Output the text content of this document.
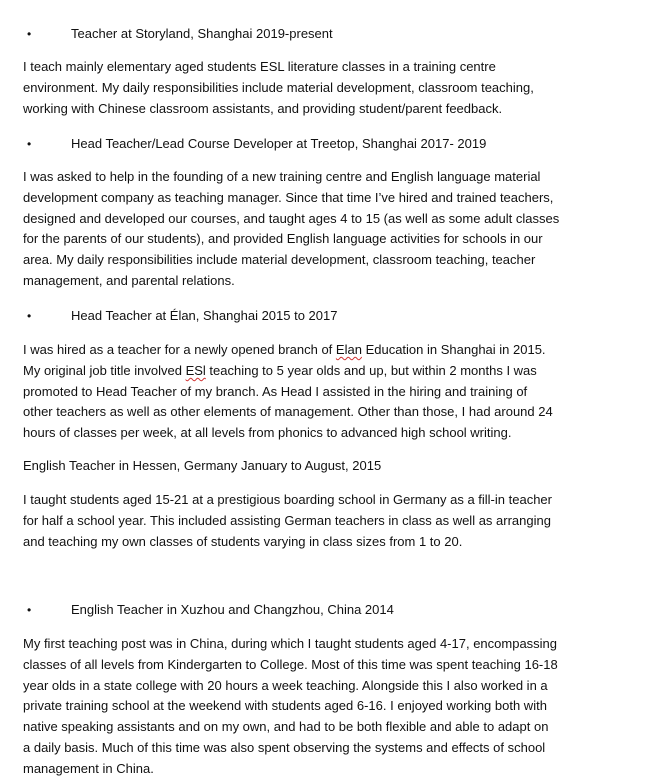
•	Teacher at Storyland, Shanghai 2019-present
I teach mainly elementary aged students ESL literature classes in a training centre
environment. My daily responsibilities include material development, classroom teaching,
working with Chinese classroom assistants, and providing student/parent feedback.
•	Head Teacher/Lead Course Developer at Treetop, Shanghai 2017- 2019
I was asked to help in the founding of a new training centre and English language material
development company as teaching manager. Since that time I’ve hired and trained teachers,
designed and developed our courses, and taught ages 4 to 15 (as well as some adult classes
for the parents of our students), and provided English language activities for schools in our
area. My daily responsibilities include material development, classroom teaching, teacher
management, and parental relations.
•	Head Teacher at Élan, Shanghai 2015 to 2017
I was hired as a teacher for a newly opened branch of Elan Education in Shanghai in 2015.
My original job title involved ESl teaching to 5 year olds and up, but within 2 months I was
promoted to Head Teacher of my branch. As Head I assisted in the hiring and training of
other teachers as well as other elements of management. Other than those, I had around 24
hours of classes per week, at all levels from phonics to advanced high school writing.
English Teacher in Hessen, Germany January to August, 2015
I taught students aged 15-21 at a prestigious boarding school in Germany as a fill-in teacher
for half a school year. This included assisting German teachers in class as well as arranging
and teaching my own classes of students varying in class sizes from 1 to 20.
•	English Teacher in Xuzhou and Changzhou, China 2014
My first teaching post was in China, during which I taught students aged 4-17, encompassing
classes of all levels from Kindergarten to College. Most of this time was spent teaching 16-18
year olds in a state college with 20 hours a week teaching. Alongside this I also worked in a
private training school at the weekend with students aged 6-16. I enjoyed working both with
native speaking assistants and on my own, and had to be both flexible and able to adapt on
a daily basis. Much of this time was also spent observing the systems and effects of school
management in China.
